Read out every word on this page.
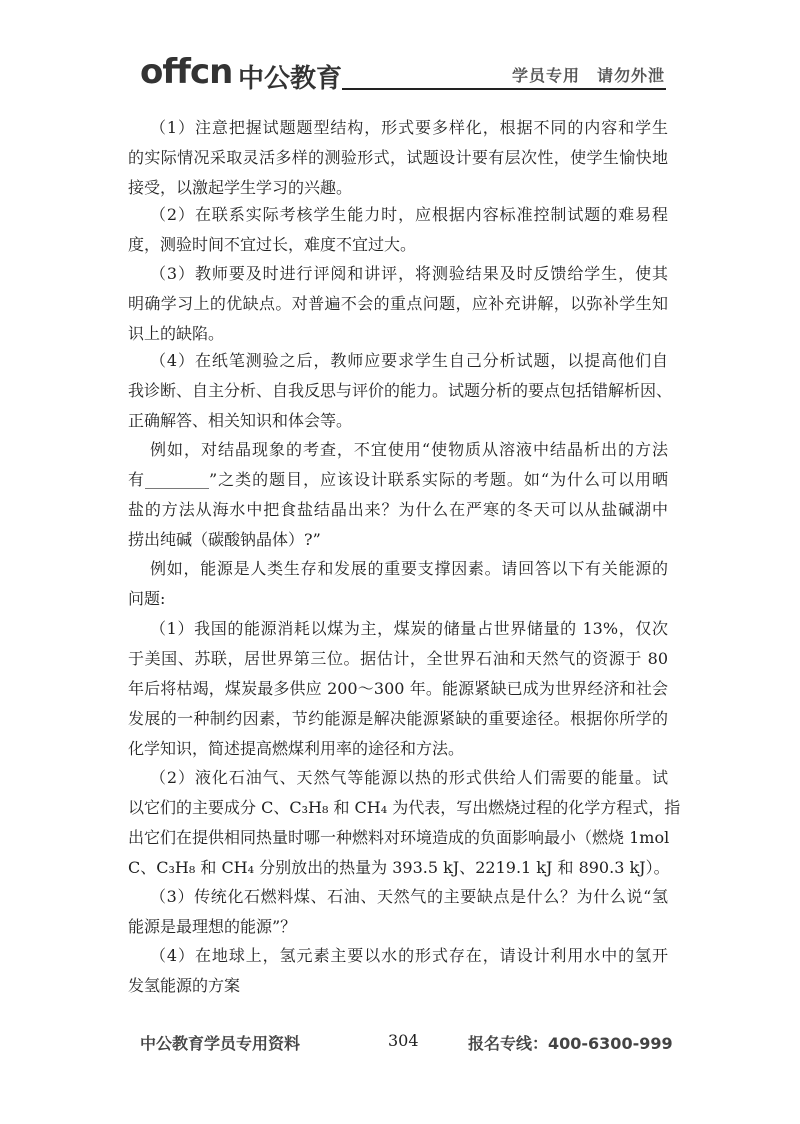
offcn 中公教育	学员专用　请勿外泄
（1）注意把握试题题型结构，形式要多样化，根据不同的内容和学生
的实际情况采取灵活多样的测验形式，试题设计要有层次性，使学生愉快地
接受，以激起学生学习的兴趣。
（2）在联系实际考核学生能力时，应根据内容标准控制试题的难易程
度，测验时间不宜过长，难度不宜过大。
（3）教师要及时进行评阅和讲评，将测验结果及时反馈给学生，使其
明确学习上的优缺点。对普遍不会的重点问题，应补充讲解，以弥补学生知
识上的缺陷。
（4）在纸笔测验之后，教师应要求学生自己分析试题，以提高他们自
我诊断、自主分析、自我反思与评价的能力。试题分析的要点包括错解析因、
正确解答、相关知识和体会等。
例如，对结晶现象的考查，不宜使用“使物质从溶液中结晶析出的方法
有________”之类的题目，应该设计联系实际的考题。如“为什么可以用晒
盐的方法从海水中把食盐结晶出来？为什么在严寒的冬天可以从盐碱湖中
捞出纯碱（碳酸钠晶体）?”
例如，能源是人类生存和发展的重要支撑因素。请回答以下有关能源的
问题:
（1）我国的能源消耗以煤为主，煤炭的储量占世界储量的 13%，仅次
于美国、苏联，居世界第三位。据估计，全世界石油和天然气的资源于 80
年后将枯竭，煤炭最多供应 200～300 年。能源紧缺已成为世界经济和社会
发展的一种制约因素，节约能源是解决能源紧缺的重要途径。根据你所学的
化学知识，简述提高燃煤利用率的途径和方法。
（2）液化石油气、天然气等能源以热的形式供给人们需要的能量。试
以它们的主要成分 C、C₃H₈ 和 CH₄ 为代表，写出燃烧过程的化学方程式，指
出它们在提供相同热量时哪一种燃料对环境造成的负面影响最小（燃烧 1mol
C、C₃H₈ 和 CH₄ 分别放出的热量为 393.5 kJ、2219.1 kJ 和 890.3 kJ）。
（3）传统化石燃料煤、石油、天然气的主要缺点是什么？为什么说“氢
能源是最理想的能源”？
（4）在地球上，氢元素主要以水的形式存在，请设计利用水中的氢开
发氢能源的方案
中公教育学员专用资料	304	报名专线：400-6300-999
